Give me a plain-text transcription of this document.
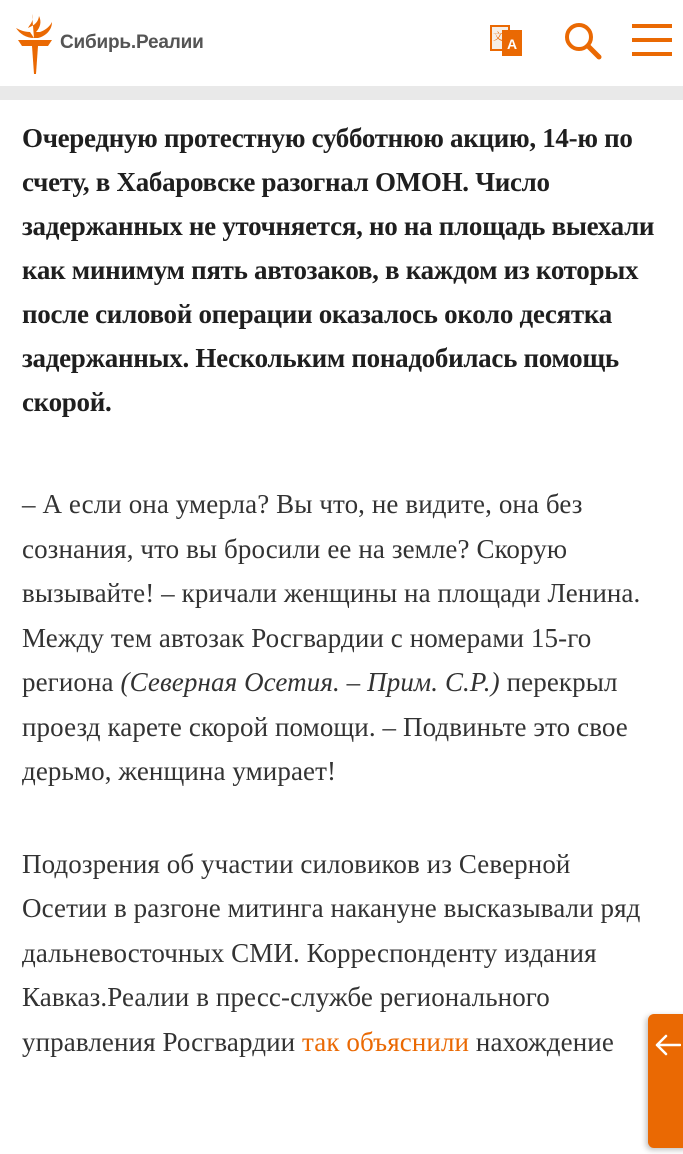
Сибирь.Реалии	A
文

Очередную протестную субботнюю акцию, 14-ю по счету, в Хабаровске разогнал ОМОН. Число задержанных не уточняется, но на площадь выехали как минимум пять автозаков, в каждом из которых после силовой операции оказалось около десятка задержанных. Нескольким понадобилась помощь скорой.

– А если она умерла? Вы что, не видите, она без сознания, что вы бросили ее на земле? Скорую вызывайте! – кричали женщины на площади Ленина. Между тем автозак Росгвардии с номерами 15-го региона (Северная Осетия. – Прим. С.Р.) перекрыл проезд карете скорой помощи. – Подвиньте это свое дерьмо, женщина умирает!

Подозрения об участии силовиков из Северной Осетии в разгоне митинга накануне высказывали ряд дальневосточных СМИ. Корреспонденту издания Кавказ.Реалии в пресс-службе регионального управления Росгвардии так объяснили нахождение
